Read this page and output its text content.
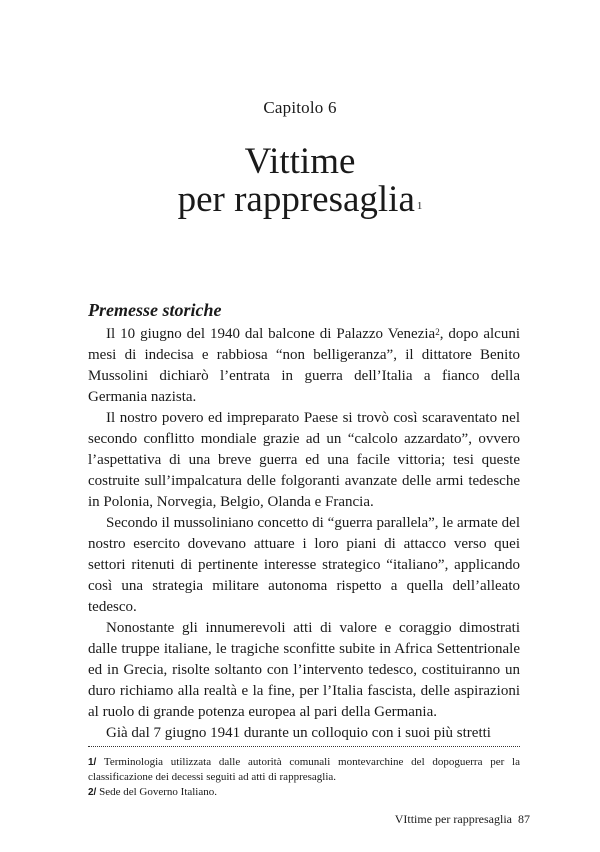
Capitolo 6
Vittime
per rappresaglia $^1$
Premesse storiche

Il 10 giugno del 1940 dal balcone di Palazzo Venezia$^2$, dopo alcuni mesi di indecisa e rabbiosa “non belligeranza”, il dittatore Benito Mussolini dichiarò l’entrata in guerra dell’Italia a fianco della Germania nazista.

Il nostro povero ed impreparato Paese si trovò così scaraventato nel secondo conflitto mondiale grazie ad un “calcolo azzardato”, ovvero l’aspettativa di una breve guerra ed una facile vittoria; tesi queste costruite sull’impalcatura delle folgoranti avanzate delle armi tedesche in Polonia, Norvegia, Belgio, Olanda e Francia.

Secondo il mussoliniano concetto di “guerra parallela”, le armate del nostro esercito dovevano attuare i loro piani di attacco verso quei settori ritenuti di pertinente interesse strategico “italiano”, applicando così una strategia militare autonoma rispetto a quella dell’alleato tedesco.

Nonostante gli innumerevoli atti di valore e coraggio dimostrati dalle truppe italiane, le tragiche sconfitte subite in Africa Settentrionale ed in Grecia, risolte soltanto con l’intervento tedesco, costituiranno un duro richiamo alla realtà e la fine, per l’Italia fascista, delle aspirazioni al ruolo di grande potenza europea al pari della Germania.

Già dal 7 giugno 1941 durante un colloquio con i suoi più stretti

1/ Terminologia utilizzata dalle autorità comunali montevarchine del dopoguerra per la classificazione dei decessi seguiti ad atti di rappresaglia.

2/ Sede del Governo Italiano.

VIttime per rappresaglia 87
